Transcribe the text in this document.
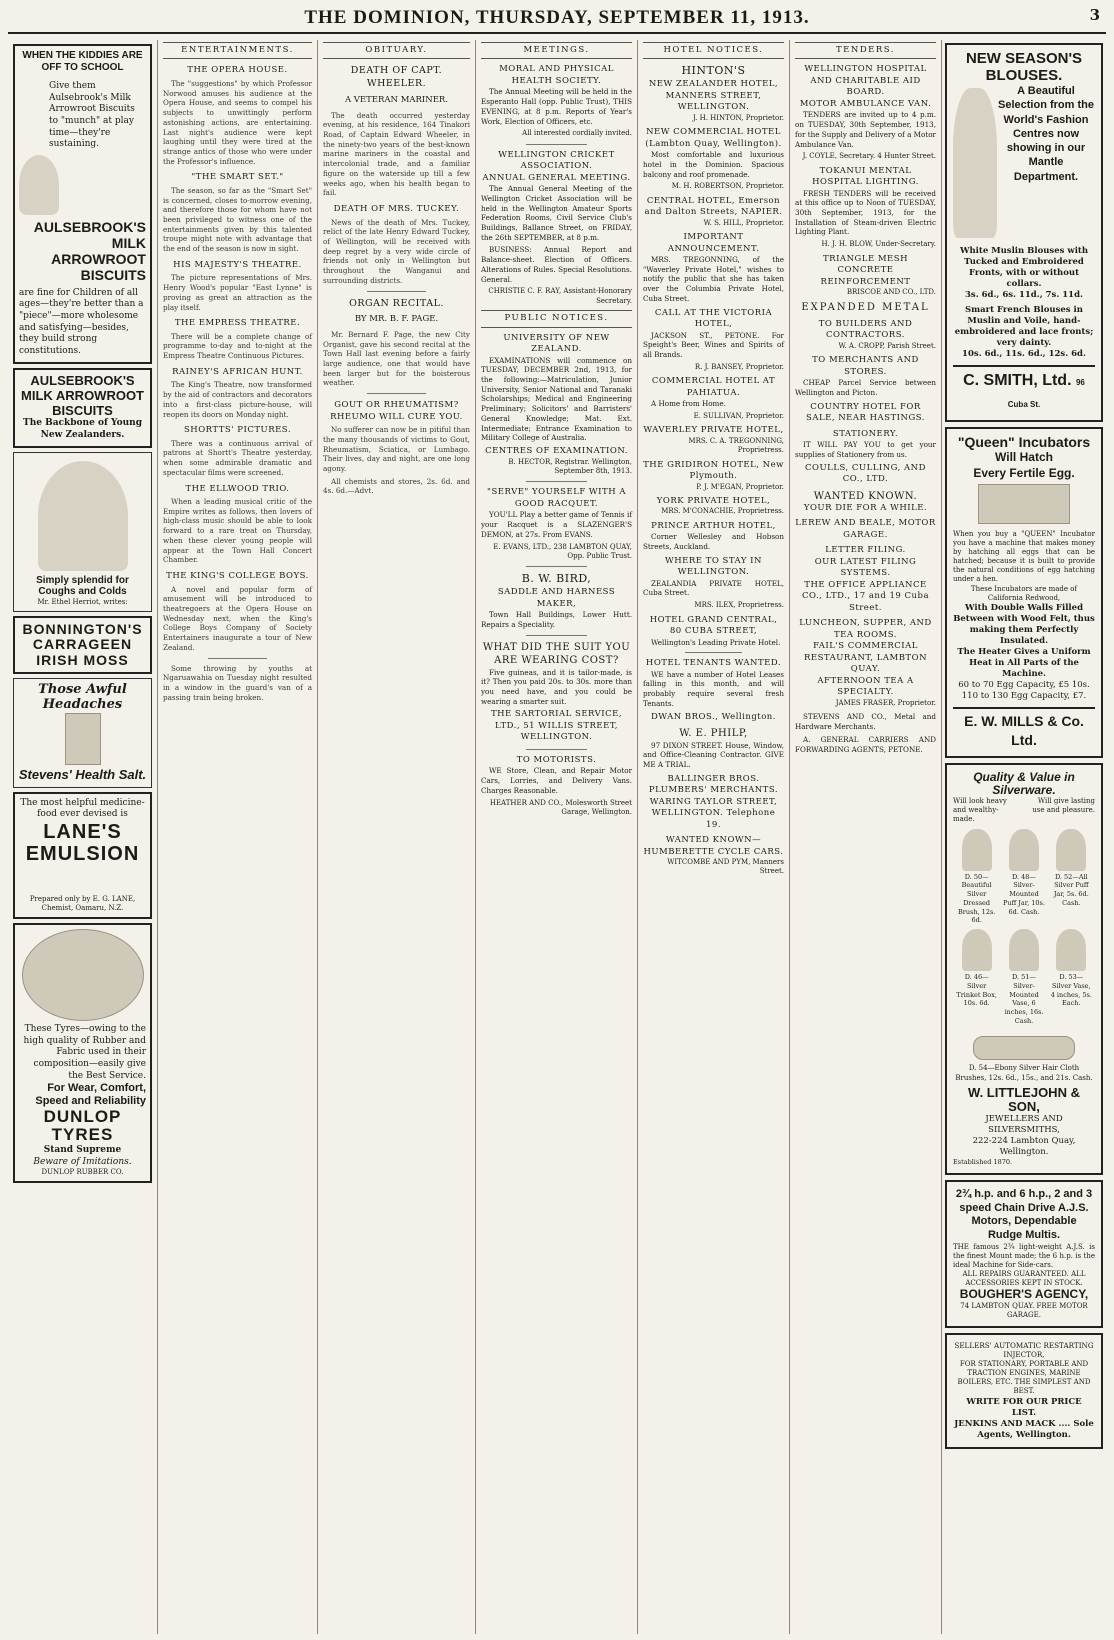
THE DOMINION, THURSDAY, SEPTEMBER 11, 1913.	3
WHEN THE KIDDIES ARE OFF TO SCHOOL
Give them Aulsebrook's Milk Arrowroot Biscuits to "munch" at play time—they're sustaining.
AULSEBROOK'S MILK ARROWROOT BISCUITS
are fine for Children of all ages—they're better than a "piece"—more wholesome and satisfying—besides, they build strong constitutions.
AULSEBROOK'S MILK ARROWROOT BISCUITS
The Backbone of Young New Zealanders.
Simply splendid for Coughs and Colds
Mr. Ethel Herriot, writes:
BONNINGTON'S CARRAGEEN IRISH MOSS
Those Awful Headaches
Stevens' Health Salt.
The most helpful medicine-food ever devised is
LANE'S EMULSION
Prepared only by E. G. LANE, Chemist, Oamaru, N.Z.
These Tyres—owing to the high quality of Rubber and Fabric used in their composition—easily give the Best Service.
For Wear, Comfort, Speed and Reliability
DUNLOP TYRES
Stand Supreme
Beware of Imitations.
DUNLOP RUBBER CO.
ENTERTAINMENTS.
THE OPERA HOUSE.

The "suggestions" by which Professor Norwood amuses his audience at the Opera House, and seems to compel his subjects to unwittingly perform astonishing actions, are entertaining. Last night's audience were kept laughing until they were tired at the strange antics of those who were under the Professor's influence.

"THE SMART SET."

The season, so far as the "Smart Set" is concerned, closes to-morrow evening, and therefore those for whom have not been privileged to witness one of the entertainments given by this talented troupe might note with advantage that the end of the season is now in sight.

HIS MAJESTY'S THEATRE.

The picture representations of Mrs. Henry Wood's popular "East Lynne" is proving as great an attraction as the play itself.

THE EMPRESS THEATRE.

There will be a complete change of programme to-day and to-night at the Empress Theatre Continuous Pictures.

RAINEY'S AFRICAN HUNT.

The King's Theatre, now transformed by the aid of contractors and decorators into a first-class picture-house, will reopen its doors on Monday night.

SHORTTS' PICTURES.

There was a continuous arrival of patrons at Shortt's Theatre yesterday, when some admirable dramatic and spectacular films were screened.

THE ELLWOOD TRIO.

When a leading musical critic of the Empire writes as follows, then lovers of high-class music should be able to look forward to a rare treat on Thursday, when these clever young people will appear at the Town Hall Concert Chamber.

THE KING'S COLLEGE BOYS.

A novel and popular form of amusement will be introduced to theatregoers at the Opera House on Wednesday next, when the King's College Boys Company of Society Entertainers inaugurate a tour of New Zealand.

Some throwing by youths at Ngaruawahia on Tuesday night resulted in a window in the guard's van of a passing train being broken.

OBITUARY.
DEATH OF CAPT. WHEELER.
A VETERAN MARINER.

The death occurred yesterday evening, at his residence, 164 Tinakori Road, of Captain Edward Wheeler, in the ninety-two years of the best-known marine mariners in the coastal and intercolonial trade, and a familiar figure on the waterside up till a few weeks ago, when his health began to fail.

DEATH OF MRS. TUCKEY.

News of the death of Mrs. Tuckey, relict of the late Henry Edward Tuckey, of Wellington, will be received with deep regret by a very wide circle of friends not only in Wellington but throughout the Wanganui and surrounding districts.

ORGAN RECITAL.
BY MR. B. F. PAGE.

Mr. Bernard F. Page, the new City Organist, gave his second recital at the Town Hall last evening before a fairly large audience, one that would have been larger but for the boisterous weather.

GOUT OR RHEUMATISM? RHEUMO WILL CURE YOU.

No sufferer can now be in pitiful than the many thousands of victims to Gout, Rheumatism, Sciatica, or Lumbago. Their lives, day and night, are one long agony.

All chemists and stores, 2s. 6d. and 4s. 6d.—Advt.

MEETINGS.
MORAL AND PHYSICAL HEALTH SOCIETY.

The Annual Meeting will be held in the Esperanto Hall (opp. Public Trust), THIS EVENING, at 8 p.m. Reports of Year's Work, Election of Officers, etc.

All interested cordially invited.
WELLINGTON CRICKET ASSOCIATION.
ANNUAL GENERAL MEETING.

The Annual General Meeting of the Wellington Cricket Association will be held in the Wellington Amateur Sports Federation Rooms, Civil Service Club's Buildings, Ballance Street, on FRIDAY, the 26th SEPTEMBER, at 8 p.m.

BUSINESS: Annual Report and Balance-sheet. Election of Officers. Alterations of Rules. Special Resolutions. General.

CHRISTIE C. F. RAY, Assistant-Honorary Secretary.
PUBLIC NOTICES.
UNIVERSITY OF NEW ZEALAND.

EXAMINATIONS will commence on TUESDAY, DECEMBER 2nd, 1913, for the following:—Matriculation, Junior University, Senior National and Taranaki Scholarships; Medical and Engineering Preliminary; Solicitors' and Barristers' General Knowledge; Mat. Ext. Intermediate; Entrance Examination to Military College of Australia.

CENTRES OF EXAMINATION.
B. HECTOR, Registrar. Wellington, September 8th, 1913.
"SERVE" YOURSELF WITH A GOOD RACQUET.

YOU'LL Play a better game of Tennis if your Racquet is a SLAZENGER'S DEMON, at 27s. From EVANS.

E. EVANS, LTD., 238 LAMBTON QUAY, Opp. Public Trust.
B. W. BIRD,
SADDLE AND HARNESS MAKER,

Town Hall Buildings, Lower Hutt. Repairs a Speciality.

WHAT DID THE SUIT YOU ARE WEARING COST?

Five guineas, and it is tailor-made, is it? Then you paid 20s. to 30s. more than you need have, and you could be wearing a smarter suit.

THE SARTORIAL SERVICE, LTD., 51 WILLIS STREET, WELLINGTON.
TO MOTORISTS.

WE Store, Clean, and Repair Motor Cars, Lorries, and Delivery Vans. Charges Reasonable.

HEATHER AND CO., Molesworth Street Garage, Wellington.
HOTEL NOTICES.
HINTON'S
NEW ZEALANDER HOTEL,
MANNERS STREET, WELLINGTON.
J. H. HINTON, Proprietor.
NEW COMMERCIAL HOTEL (Lambton Quay, Wellington).

Most comfortable and luxurious hotel in the Dominion. Spacious balcony and roof promenade.

M. H. ROBERTSON, Proprietor.
CENTRAL HOTEL, Emerson and Dalton Streets, NAPIER.
W. S. HILL, Proprietor.
IMPORTANT ANNOUNCEMENT.

MRS. TREGONNING, of the "Waverley Private Hotel," wishes to notify the public that she has taken over the Columbia Private Hotel, Cuba Street.

CALL AT THE VICTORIA HOTEL,

JACKSON ST., PETONE. For Speight's Beer, Wines and Spirits of all Brands.

R. J. BANSEY, Proprietor.
COMMERCIAL HOTEL AT PAHIATUA.

A Home from Home.

E. SULLIVAN, Proprietor.
WAVERLEY PRIVATE HOTEL,
MRS. C. A. TREGONNING, Proprietress.
THE GRIDIRON HOTEL, New Plymouth.
P. J. M'EGAN, Proprietor.
YORK PRIVATE HOTEL,
MRS. M'CONACHIE, Proprietress.
PRINCE ARTHUR HOTEL,

Corner Wellesley and Hobson Streets, Auckland.

WHERE TO STAY IN WELLINGTON.

ZEALANDIA PRIVATE HOTEL, Cuba Street.

MRS. ILEX, Proprietress.
HOTEL GRAND CENTRAL, 80 CUBA STREET,

Wellington's Leading Private Hotel.

HOTEL TENANTS WANTED.

WE have a number of Hotel Leases falling in this month, and will probably require several fresh Tenants.

DWAN BROS., Wellington.
W. E. PHILP,

97 DIXON STREET. House, Window, and Office-Cleaning Contractor. GIVE ME A TRIAL.

BALLINGER BROS.
PLUMBERS' MERCHANTS.
WARING TAYLOR STREET, WELLINGTON. Telephone 19.
WANTED KNOWN—HUMBERETTE CYCLE CARS.
WITCOMBE AND PYM, Manners Street.
TENDERS.
WELLINGTON HOSPITAL AND CHARITABLE AID BOARD.
MOTOR AMBULANCE VAN.

TENDERS are invited up to 4 p.m. on TUESDAY, 30th September, 1913, for the Supply and Delivery of a Motor Ambulance Van.

J. COYLE, Secretary. 4 Hunter Street.
TOKANUI MENTAL HOSPITAL LIGHTING.

FRESH TENDERS will be received at this office up to Noon of TUESDAY, 30th September, 1913, for the Installation of Steam-driven Electric Lighting Plant.

H. J. H. BLOW, Under-Secretary.
TRIANGLE MESH CONCRETE REINFORCEMENT
BRISCOE AND CO., LTD.
EXPANDED METAL
TO BUILDERS AND CONTRACTORS.
W. A. CROPP, Parish Street.
TO MERCHANTS AND STORES.

CHEAP Parcel Service between Wellington and Picton.

COUNTRY HOTEL FOR SALE, NEAR HASTINGS.
STATIONERY.

IT WILL PAY YOU to get your supplies of Stationery from us.

COULLS, CULLING, AND CO., LTD.
WANTED KNOWN.
YOUR DIE FOR A WHILE.
LEREW AND BEALE, MOTOR GARAGE.
LETTER FILING.
OUR LATEST FILING SYSTEMS.
THE OFFICE APPLIANCE CO., LTD., 17 and 19 Cuba Street.
LUNCHEON, SUPPER, AND TEA ROOMS.
FAIL'S COMMERCIAL RESTAURANT, LAMBTON QUAY.
AFTERNOON TEA A SPECIALTY.
JAMES FRASER, Proprietor.

STEVENS AND CO., Metal and Hardware Merchants.

A. GENERAL CARRIERS AND FORWARDING AGENTS, PETONE.

NEW SEASON'S BLOUSES.
A Beautiful
Selection from the
World's Fashion
Centres now
showing in our
Mantle Department.
White Muslin Blouses with Tucked and Embroidered Fronts, with or without collars.
3s. 6d., 6s. 11d., 7s. 11d.
Smart French Blouses in Muslin and Voile, hand-embroidered and lace fronts; very dainty.
10s. 6d., 11s. 6d., 12s. 6d.
C. SMITH, Ltd. 96 Cuba St.
"Queen" Incubators
Will Hatch
Every Fertile Egg.
When you buy a "QUEEN" Incubator you have a machine that makes money by hatching all eggs that can be hatched; because it is built to provide the natural conditions of egg hatching under a hen.
These Incubators are made of California Redwood,
With Double Walls Filled Between with Wood Felt, thus making them Perfectly Insulated.
The Heater Gives a Uniform Heat in All Parts of the Machine.
60 to 70 Egg Capacity, £5 10s.
110 to 130 Egg Capacity, £7.
E. W. MILLS & Co. Ltd.
Quality & Value in Silverware.
Will look heavy and wealthy-made.
Will give lasting use and pleasure.
D. 50—Beautiful Silver Dressed Brush, 12s. 6d.
D. 48—Silver-Mounted Puff Jar, 10s. 6d. Cash.
D. 52—All Silver Puff Jar, 5s. 6d. Cash.
D. 46—Silver Trinket Box, 10s. 6d.
D. 51—Silver-Mounted Vase, 6 inches, 16s. Cash.
D. 53—Silver Vase, 4 inches, 5s. Each.
D. 54—Ebony Silver Hair Cloth Brushes, 12s. 6d., 15s., and 21s. Cash.
W. LITTLEJOHN & SON,
JEWELLERS AND SILVERSMITHS,
222-224 Lambton Quay, Wellington.
Established 1870.
2¾ h.p. and 6 h.p., 2 and 3 speed Chain Drive A.J.S. Motors, Dependable Rudge Multis.
THE famous 2¾ light-weight A.J.S. is the finest Mount made; the 6 h.p. is the ideal Machine for Side-cars.
ALL REPAIRS GUARANTEED. ALL ACCESSORIES KEPT IN STOCK.
BOUGHER'S AGENCY,
74 LAMBTON QUAY. FREE MOTOR GARAGE.
SELLERS' AUTOMATIC RESTARTING INJECTOR,
FOR STATIONARY, PORTABLE AND TRACTION ENGINES, MARINE BOILERS, ETC. THE SIMPLEST AND BEST.
WRITE FOR OUR PRICE LIST.
JENKINS AND MACK .... Sole Agents, Wellington.
